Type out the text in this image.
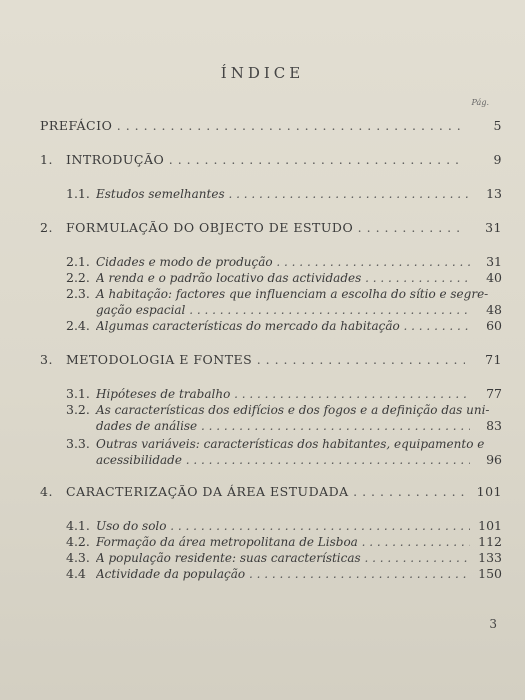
ÍNDICE
Pág.
PREFÁCIO . . .	5
1. INTRODUÇÃO . . .	9
1.1. Estudos semelhantes . . .	13
2. FORMULAÇÃO DO OBJECTO DE ESTUDO . . .	31
2.1. Cidades e modo de produção . . .	31
2.2. A renda e o padrão locativo das actividades . . .	40
2.3. A habitação: factores que influenciam a escolha do sítio e segre-
gação espacial . . .	48
2.4. Algumas características do mercado da habitação . . .	60
3. METODOLOGIA E FONTES . . .	71
3.1. Hipóteses de trabalho . . .	77
3.2. As características dos edifícios e dos fogos e a definição das uni-
dades de análise . . .	83
3.3. Outras variáveis: características dos habitantes, equipamento e
acessibilidade . . .	96
4. CARACTERIZAÇÃO DA ÁREA ESTUDADA . . .	101
4.1. Uso do solo . . .	101
4.2. Formação da área metropolitana de Lisboa . . .	112
4.3. A população residente: suas características . . .	133
4.4 Actividade da população . . .	150
3
